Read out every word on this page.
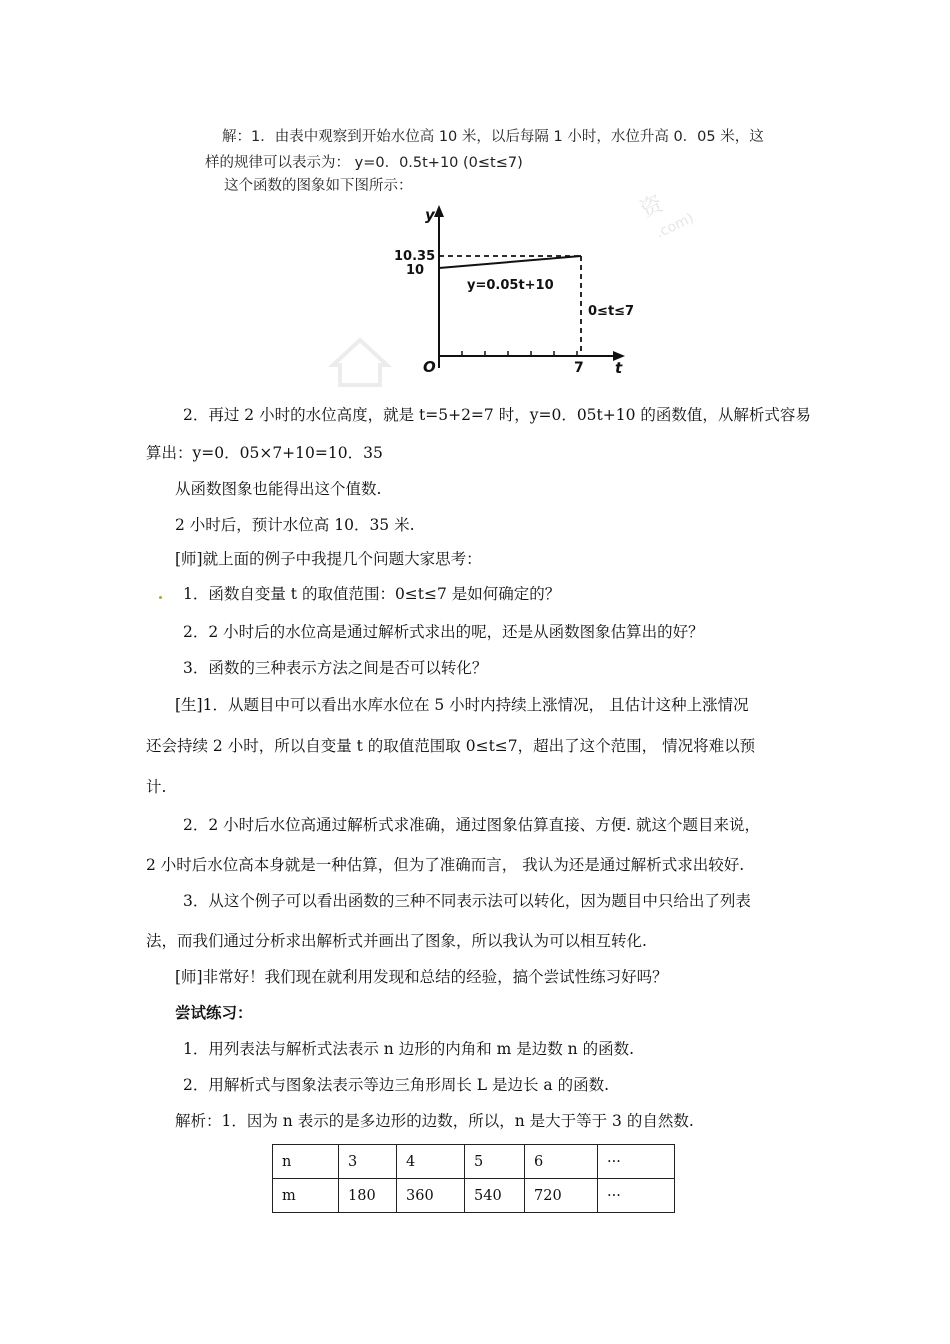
资
.com)
解：1．由表中观察到开始水位高 10 米，以后每隔 1 小时，水位升高 0．05 米，这
样的规律可以表示为： y=0．0.5t+10 (0≤t≤7)
这个函数的图象如下图所示：
y
t
O
10.35
10
7
y=0.05t+10
0≤t≤7
2．再过 2 小时的水位高度，就是 t=5+2=7 时，y=0．05t+10 的函数值，从解析式容易
算出：y=0．05×7+10=10．35
从函数图象也能得出这个值数.
2 小时后，预计水位高 10．35 米.
[师]就上面的例子中我提几个问题大家思考：
1．函数自变量 t 的取值范围：0≤t≤7 是如何确定的？
2．2 小时后的水位高是通过解析式求出的呢，还是从函数图象估算出的好？
3．函数的三种表示方法之间是否可以转化？
[生]1．从题目中可以看出水库水位在 5 小时内持续上涨情况， 且估计这种上涨情况
还会持续 2 小时，所以自变量 t 的取值范围取 0≤t≤7，超出了这个范围， 情况将难以预
计.
2．2 小时后水位高通过解析式求准确，通过图象估算直接、方便. 就这个题目来说，
2 小时后水位高本身就是一种估算，但为了准确而言， 我认为还是通过解析式求出较好.
3．从这个例子可以看出函数的三种不同表示法可以转化，因为题目中只给出了列表
法，而我们通过分析求出解析式并画出了图象，所以我认为可以相互转化.
[师]非常好！我们现在就利用发现和总结的经验，搞个尝试性练习好吗？
尝试练习：
1．用列表法与解析式法表示 n 边形的内角和 m 是边数 n 的函数.
2．用解析式与图象法表示等边三角形周长 L 是边长 a 的函数.
解析：1．因为 n 表示的是多边形的边数，所以，n 是大于等于 3 的自然数.
n	3	4	5	6	···
m	180	360	540	720	···
